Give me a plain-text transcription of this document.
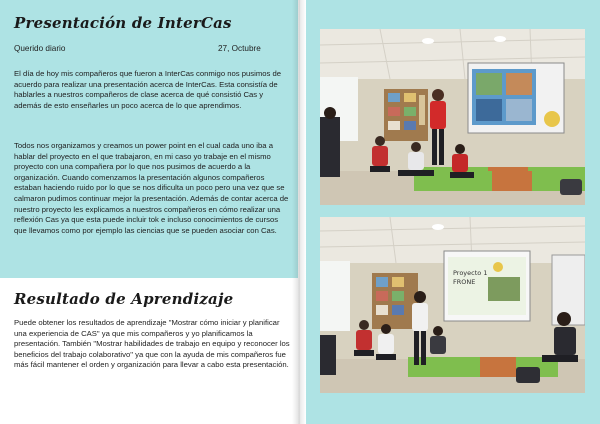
Presentación de InterCas
Querido diario	27, Octubre

El día de hoy mis compañeros que fueron a InterCas conmigo nos pusimos de acuerdo para realizar una presentación acerca de InterCas. Esta consistía de hablarles a nuestros compañeros de clase acerca de qué consistió Cas y además de esto enseñarles un poco acerca de lo que aprendimos.

Todos nos organizamos y creamos un power point en el cual cada uno iba a hablar del proyecto en el que trabajaron, en mi caso yo trabaje en el mismo proyecto con una compañera por lo que nos pusimos de acuerdo a la organización. Cuando comenzamos la presentación algunos compañeros estaban haciendo ruido por lo que se nos dificulta un poco pero una vez que se calmaron pudimos continuar mejor la presentación. Además de contar acerca de nuestro proyecto les explicamos a nuestros compañeros en cómo realizar una reflexión Cas ya que esta puede incluir tok e incluso conocimientos de cursos que llevamos como por ejemplo las ciencias que se pueden asociar con Cas.

Resultado de Aprendizaje

Puede obtener los resultados de aprendizaje "Mostrar cómo iniciar y planificar una experiencia de CAS" ya que mis compañeros y yo planificamos la presentación. También "Mostrar habilidades de trabajo en equipo y reconocer los beneficios del trabajo colaborativo" ya que con la ayuda de mis compañeros fue más fácil mantener el orden y organización para llevar a cabo esta presentación.

Proyecto 1
FRONE
